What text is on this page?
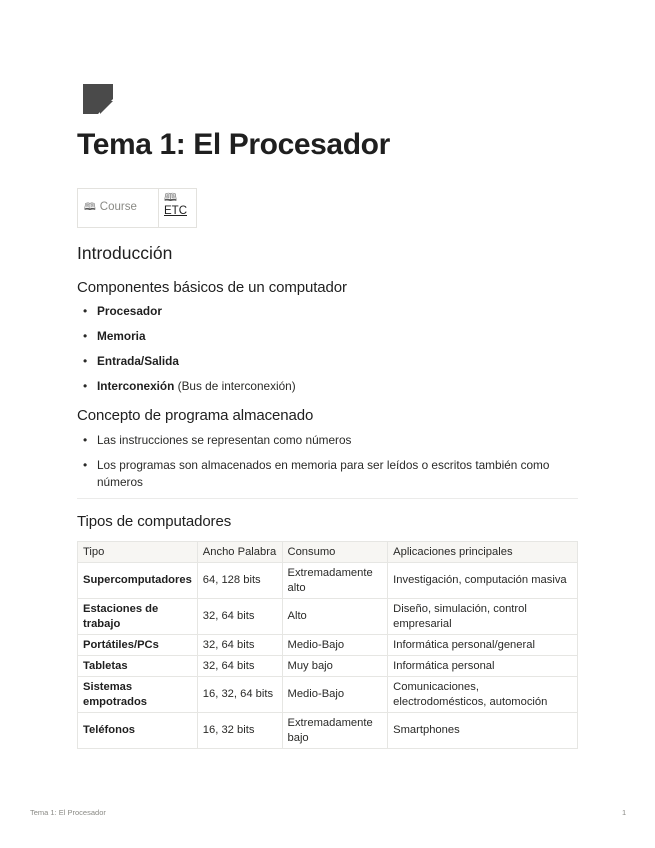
Tema 1: El Procesador
🕮 Course	
🕮
ETC
Introducción
Componentes básicos de un computador
• Procesador
• Memoria
• Entrada/Salida
• Interconexión (Bus de interconexión)
Concepto de programa almacenado
• Las instrucciones se representan como números
• Los programas son almacenados en memoria para ser leídos o escritos también como números
Tipos de computadores
Tipo	Ancho Palabra	Consumo	Aplicaciones principales
Supercomputadores	64, 128 bits	Extremadamente alto	Investigación, computación masiva
Estaciones de trabajo	32, 64 bits	Alto	Diseño, simulación, control empresarial
Portátiles/PCs	32, 64 bits	Medio-Bajo	Informática personal/general
Tabletas	32, 64 bits	Muy bajo	Informática personal
Sistemas empotrados	16, 32, 64 bits	Medio-Bajo	Comunicaciones, electrodomésticos, automoción
Teléfonos	16, 32 bits	Extremadamente bajo	Smartphones
Tema 1: El Procesador	1
